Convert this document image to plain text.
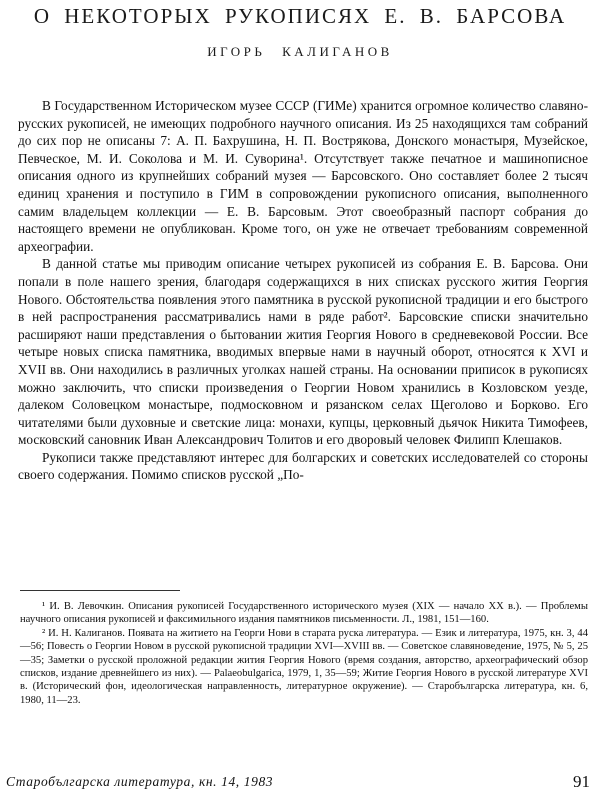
О НЕКОТОРЫХ РУКОПИСЯХ Е. В. БАРСОВА
ИГОРЬ КАЛИГАНОВ

В Государственном Историческом музее СССР (ГИМе) хранится огромное количество славяно-русских рукописей, не имеющих подробного научного описания. Из 25 находящихся там собраний до сих пор не описаны 7: А. П. Бахрушина, Н. П. Вострякова, Донского монастыря, Музейское, Певческое, М. И. Соколова и М. И. Суворина¹. Отсутствует также печатное и машинописное описания одного из крупнейших собраний музея — Барсовского. Оно составляет более 2 тысяч единиц хранения и поступило в ГИМ в сопровождении рукописного описания, выполненного самим владельцем коллекции — Е. В. Барсовым. Этот своеобразный паспорт собрания до настоящего времени не опубликован. Кроме того, он уже не отвечает требованиям современной археографии.

В данной статье мы приводим описание четырех рукописей из собрания Е. В. Барсова. Они попали в поле нашего зрения, благодаря содержащихся в них списках русского жития Георгия Нового. Обстоятельства появления этого памятника в русской рукописной традиции и его быстрого в ней распространения рассматривались нами в ряде работ². Барсовские списки значительно расширяют наши представления о бытовании жития Георгия Нового в средневековой России. Все четыре новых списка памятника, вводимых впервые нами в научный оборот, относятся к XVI и XVII вв. Они находились в различных уголках нашей страны. На основании приписок в рукописях можно заключить, что списки произведения о Георгии Новом хранились в Козловском уезде, далеком Соловецком монастыре, подмосковном и рязанском селах Щеголово и Борково. Его читателями были духовные и светские лица: монахи, купцы, церковный дьячок Никита Тимофеев, московский сановник Иван Александрович Толитов и его дворовый человек Филипп Клешаков.

Рукописи также представляют интерес для болгарских и советских исследователей со стороны своего содержания. Помимо списков русской „По-

¹ И. В. Левочкин. Описания рукописей Государственного исторического музея (XIX — начало XX в.). — Проблемы научного описания рукописей и факсимильного издания памятников письменности. Л., 1981, 151—160.

² И. Н. Калиганов. Появата на житието на Георги Нови в старата руска литература. — Език и литература, 1975, кн. 3, 44—56; Повесть о Георгии Новом в русской рукописной традиции XVI—XVIII вв. — Советское славяноведение, 1975, № 5, 25—35; Заметки о русской проложной редакции жития Георгия Нового (время создания, авторство, археографический обзор списков, издание древнейшего из них). — Palaeobulgarica, 1979, 1, 35—59; Житие Георгия Нового в русской литературе XVI в. (Исторический фон, идеологическая направленность, литературное окружение). — Старобългарска литература, кн. 6, 1980, 11—23.

Старобългарска литература, кн. 14, 1983	91
